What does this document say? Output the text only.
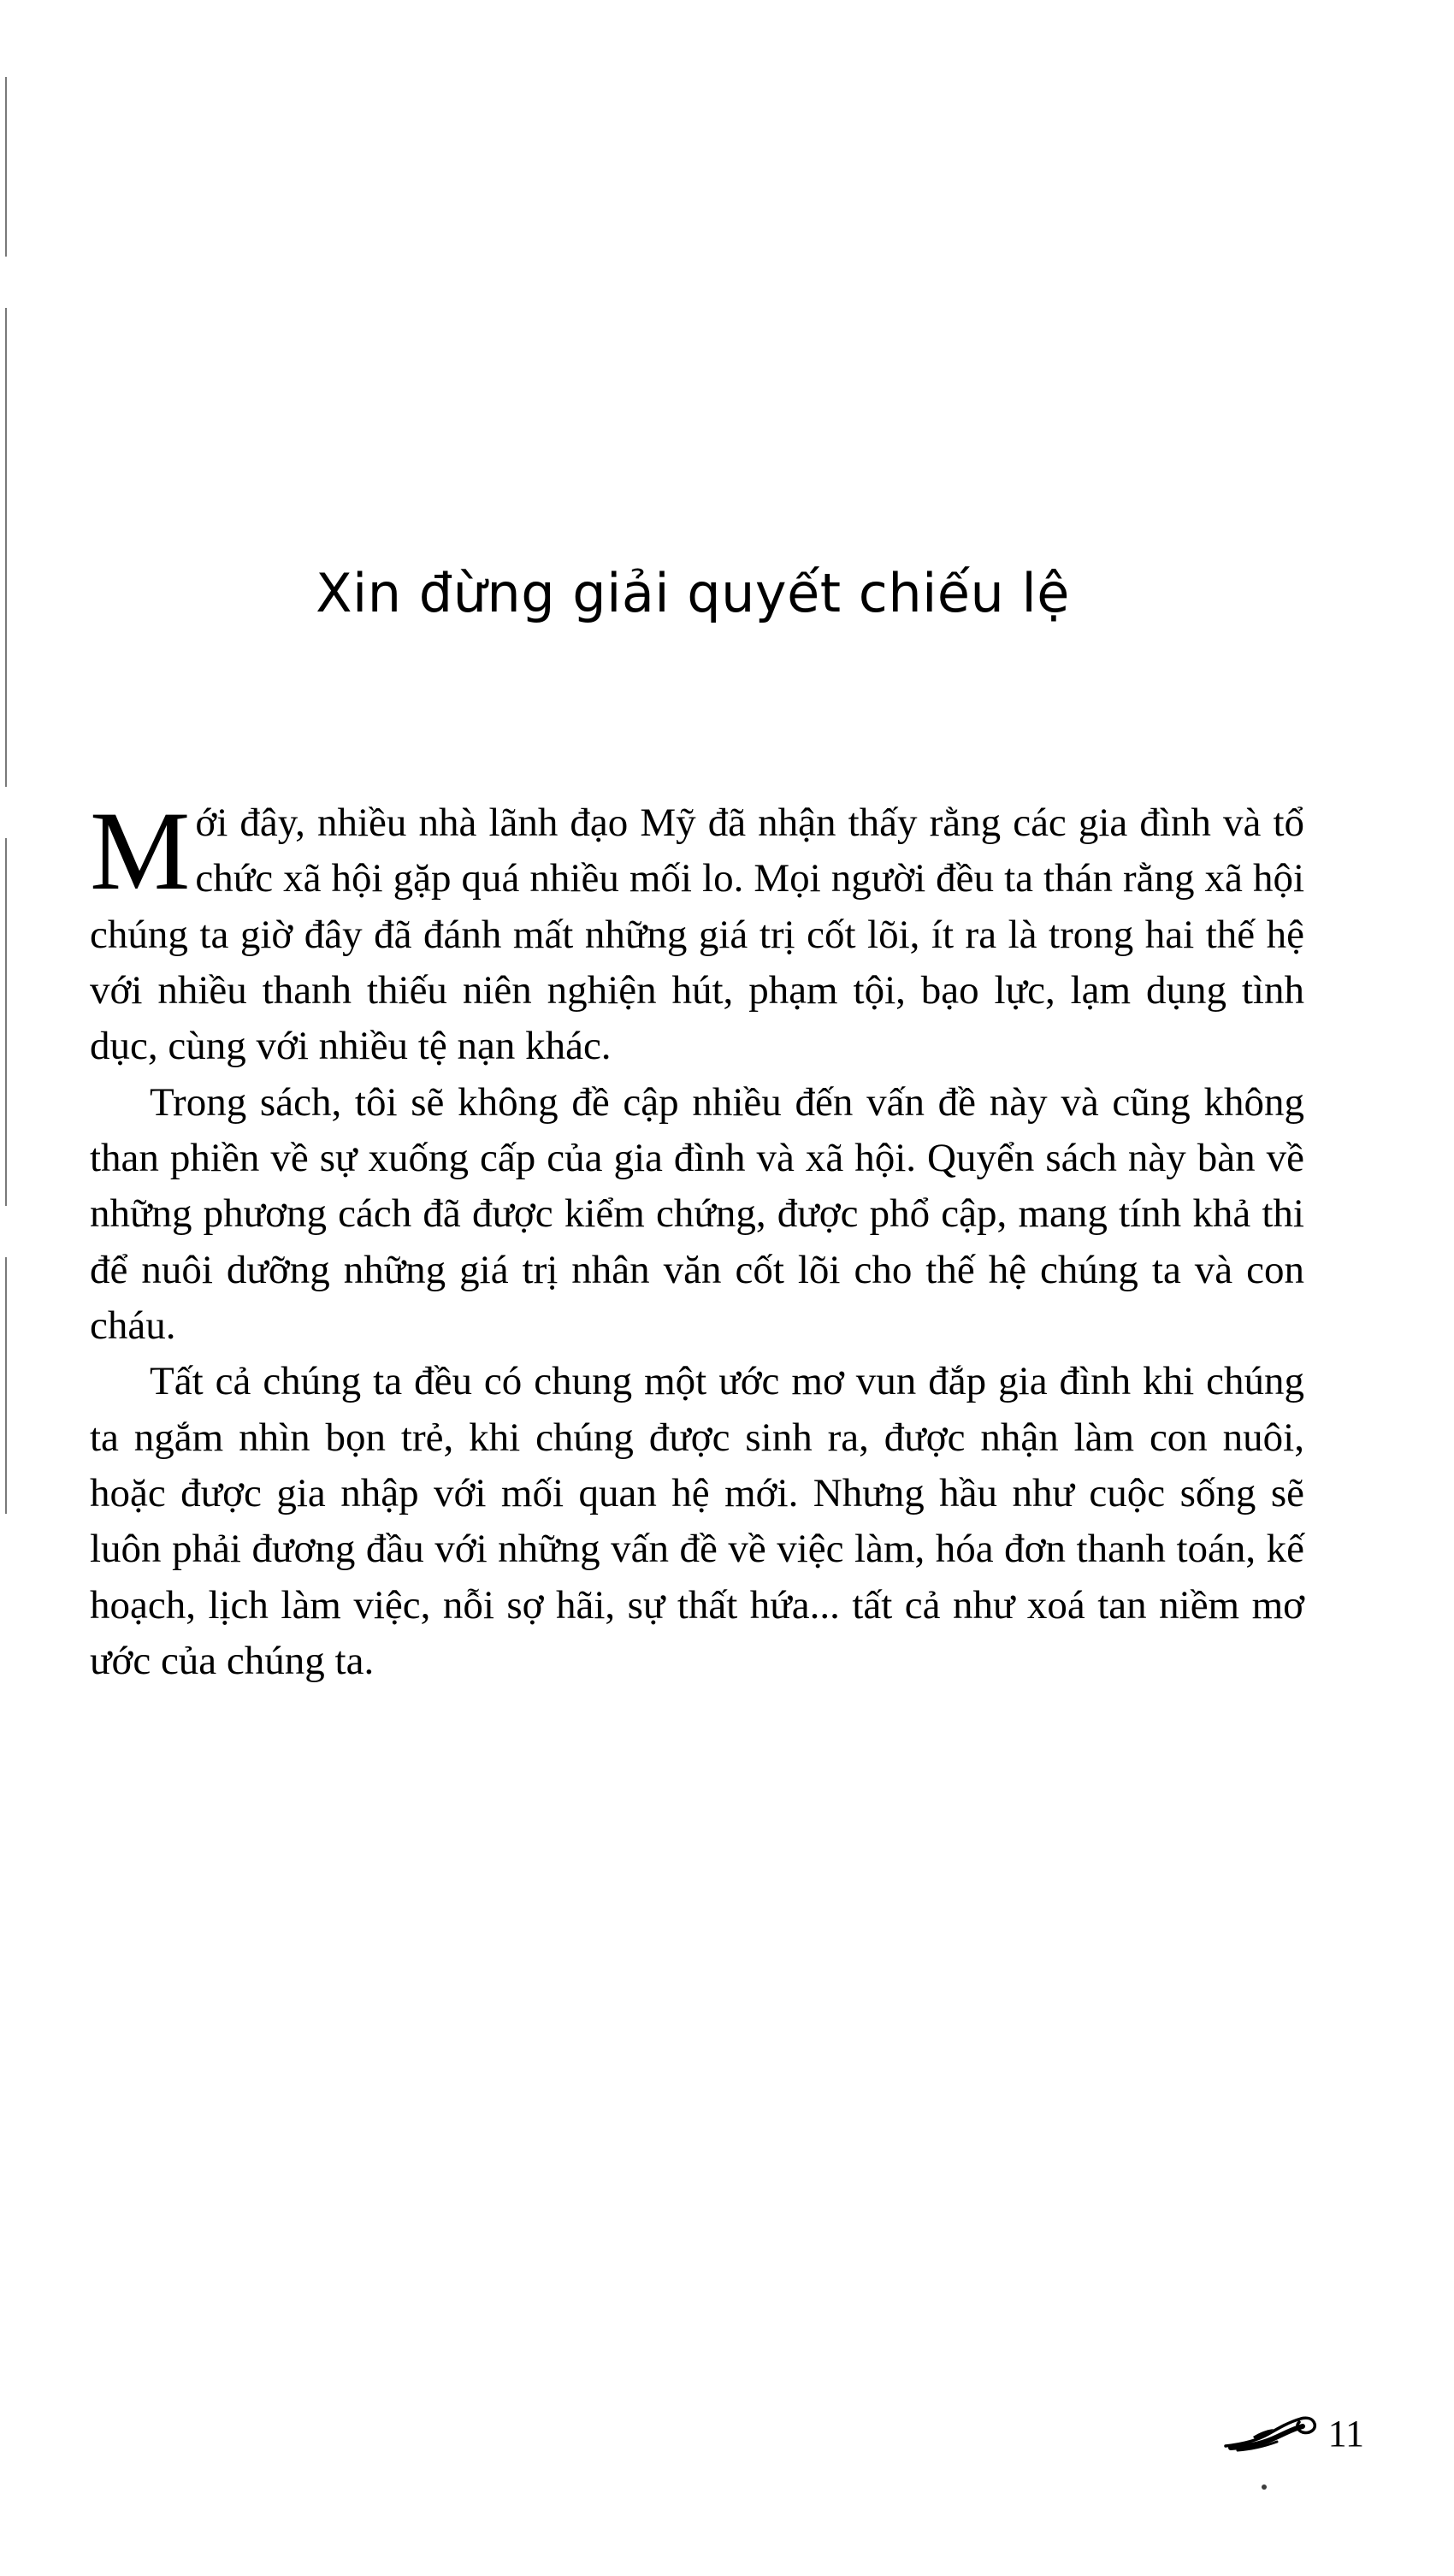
Xin đừng giải quyết chiếu lệ

Mới đây, nhiều nhà lãnh đạo Mỹ đã nhận thấy rằng các gia đình và tổ chức xã hội gặp quá nhiều mối lo. Mọi người đều ta thán rằng xã hội chúng ta giờ đây đã đánh mất những giá trị cốt lõi, ít ra là trong hai thế hệ với nhiều thanh thiếu niên nghiện hút, phạm tội, bạo lực, lạm dụng tình dục, cùng với nhiều tệ nạn khác.

Trong sách, tôi sẽ không đề cập nhiều đến vấn đề này và cũng không than phiền về sự xuống cấp của gia đình và xã hội. Quyển sách này bàn về những phương cách đã được kiểm chứng, được phổ cập, mang tính khả thi để nuôi dưỡng những giá trị nhân văn cốt lõi cho thế hệ chúng ta và con cháu.

Tất cả chúng ta đều có chung một ước mơ vun đắp gia đình khi chúng ta ngắm nhìn bọn trẻ, khi chúng được sinh ra, được nhận làm con nuôi, hoặc được gia nhập với mối quan hệ mới. Nhưng hầu như cuộc sống sẽ luôn phải đương đầu với những vấn đề về việc làm, hóa đơn thanh toán, kế hoạch, lịch làm việc, nỗi sợ hãi, sự thất hứa... tất cả như xoá tan niềm mơ ước của chúng ta.

11
